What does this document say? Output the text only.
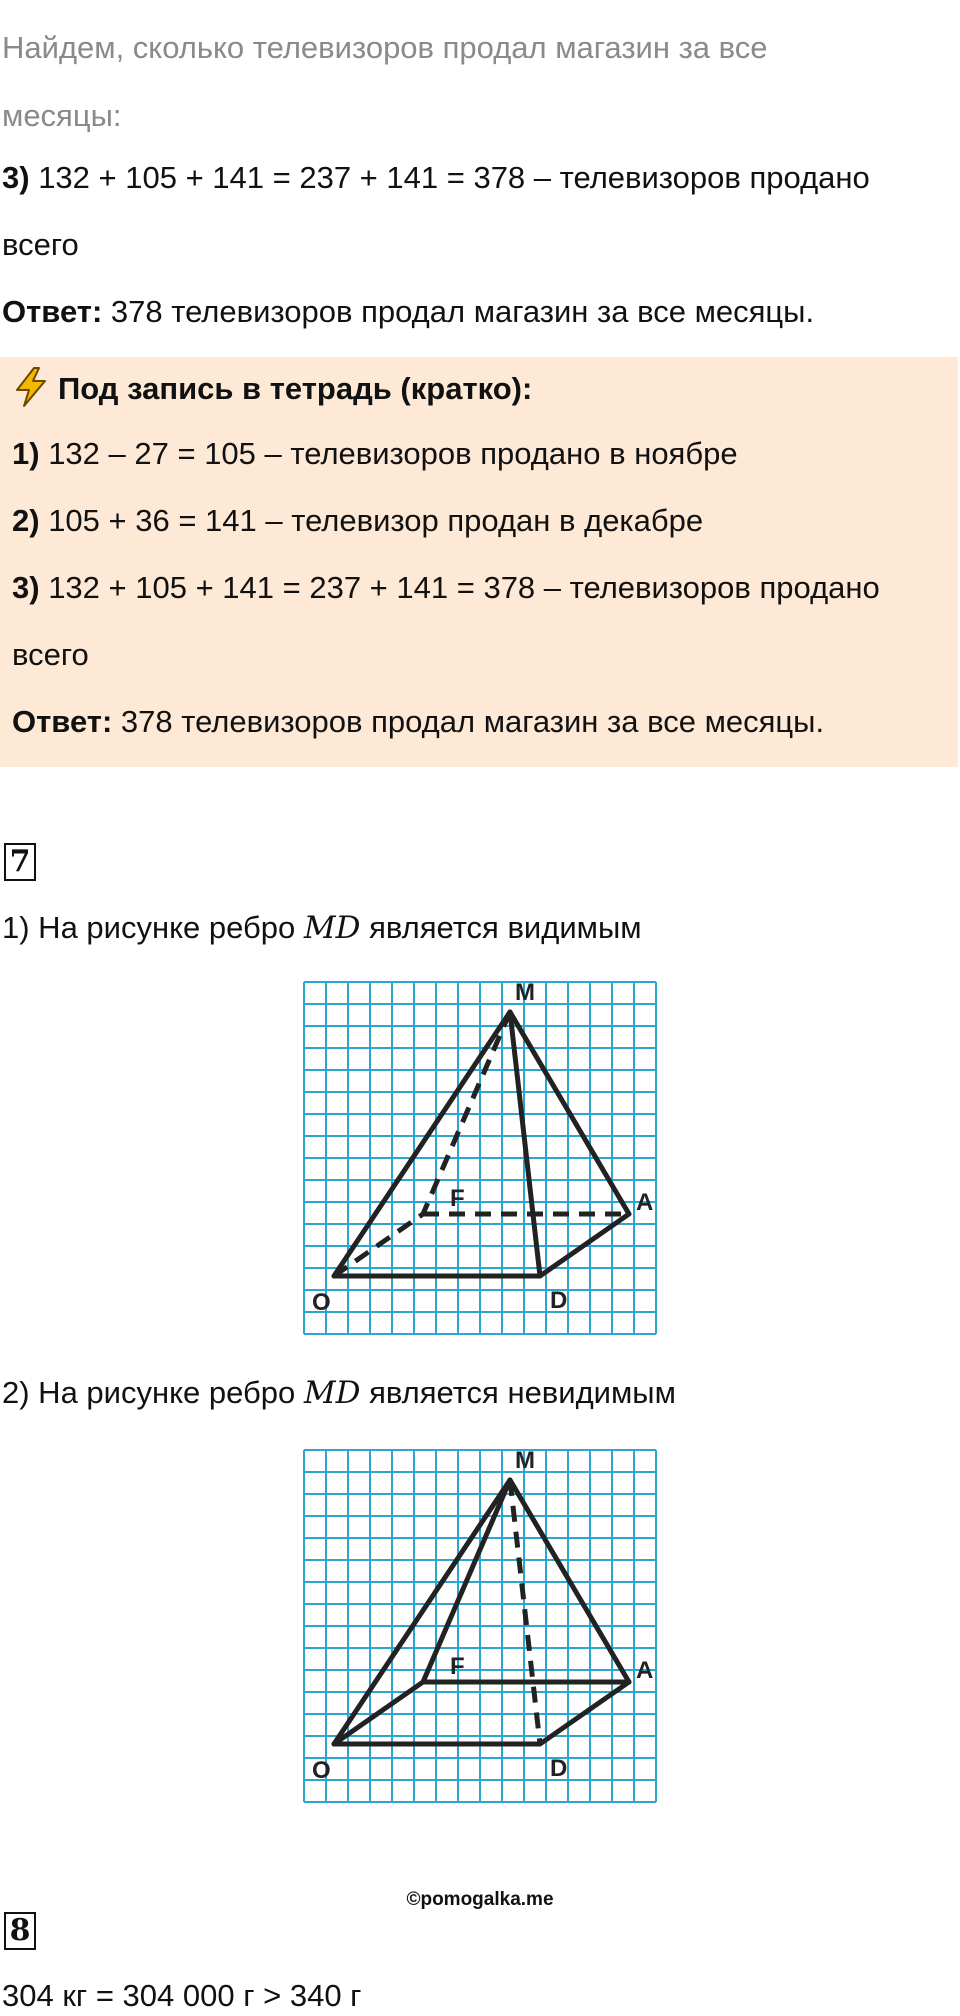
Найдем, сколько телевизоров продал магазин за все
месяцы:
3) 132 + 105 + 141 = 237 + 141 = 378 – телевизоров продано
всего
Ответ: 378 телевизоров продал магазин за все месяцы.
Под запись в тетрадь (кратко):
1) 132 – 27 = 105 – телевизоров продано в ноябре
2) 105 + 36 = 141 – телевизор продан в декабре
3) 132 + 105 + 141 = 237 + 141 = 378 – телевизоров продано
всего
Ответ: 378 телевизоров продал магазин за все месяцы.
7
1) На рисунке ребро MD является видимым
M
F	A
O	D
2) На рисунке ребро MD является невидимым
M
F	A
O	D
©pomogalka.me
8
304 кг = 304 000 г > 340 г
